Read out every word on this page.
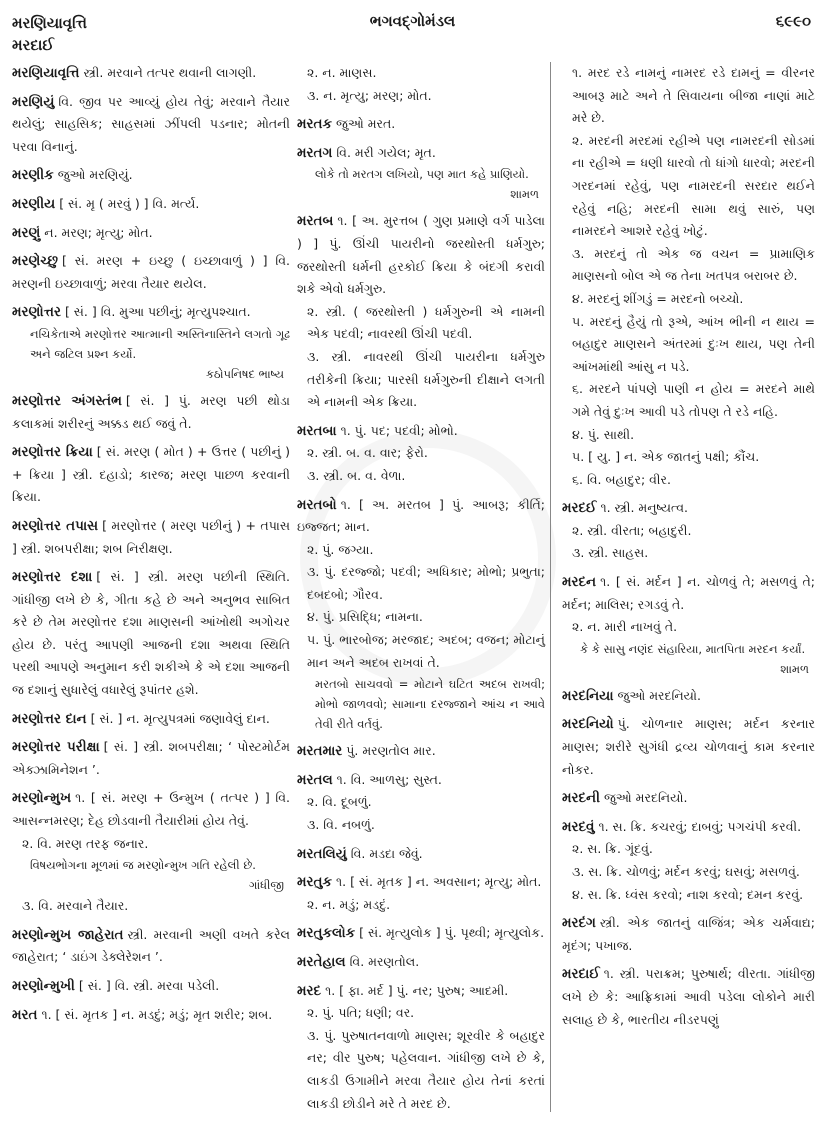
મરણિયાવૃત્તિ
મરદાઈ
ભગવદ્ગોમંડલ	૬૯૯૦
મરણિયાવૃત્તિ સ્ત્રી. મરવાને તત્પર થવાની લાગણી.
મરણિયું વિ. જીવ પર આવ્યું હોય તેવું; મરવાને તૈયાર થયેલું; સાહસિક; સાહસમાં ઝીંપલી પડનાર; મોતની પરવા વિનાનું.
મરણીક જુઓ મરણિયું.
મરણીય [ સં. મૃ ( મરવું ) ] વિ. મર્ત્ય.
મરણું ન. મરણ; મૃત્યુ; મોત.
મરણેચ્છુ [ સં. મરણ + ઇચ્છુ ( ઇચ્છાવાળું ) ] વિ. મરણની ઇચ્છાવાળું; મરવા તૈયાર થયેલ.
મરણોત્તર [ સં. ] વિ. મુઆ પછીનું; મૃત્યુપશ્ચાત.
નચિકેતાએ મરણોત્તર આત્માની અસ્તિનાસ્તિને લગતો ગૂઢ અને જટિલ પ્રશ્ન કર્યો.
કઠોપનિષદ ભાષ્ય
મરણોત્તર અંગસ્તંભ [ સં. ] પું. મરણ પછી થોડા કલાકમાં શરીરનું અક્કડ થઈ જવું તે.
મરણોત્તર ક્રિયા [ સં. મરણ ( મોત ) + ઉત્તર ( પછીનું ) + ક્રિયા ] સ્ત્રી. દહાડો; કારજ; મરણ પાછળ કરવાની ક્રિયા.
મરણોત્તર તપાસ [ મરણોત્તર ( મરણ પછીનું ) + તપાસ ] સ્ત્રી. શબપરીક્ષા; શબ નિરીક્ષણ.
મરણોત્તર દશા [ સં. ] સ્ત્રી. મરણ પછીની સ્થિતિ. ગાંધીજી લખે છે કે, ગીતા કહે છે અને અનુભવ સાબિત કરે છે તેમ મરણોત્તર દશા માણસની આંખોથી અગોચર હોય છે. પરંતુ આપણી આજની દશા અથવા સ્થિતિ પરથી આપણે અનુમાન કરી શકીએ કે એ દશા આજની જ દશાનું સુધારેલું વધારેલું રૂપાંતર હશે.
મરણોત્તર દાન [ સં. ] ન. મૃત્યુપત્રમાં જણાવેલું દાન.
મરણોત્તર પરીક્ષા [ સં. ] સ્ત્રી. શબપરીક્ષા; ‘ પોસ્ટમોર્ટમ એક્ઝામિનેશન ’.
મરણોન્મુખ ૧. [ સં. મરણ + ઉન્મુખ ( તત્પર ) ] વિ. આસન્નમરણ; દેહ છોડવાની તૈયારીમાં હોય તેવું.
૨. વિ. મરણ તરફ જનાર.
વિષયભોગના મૂળમાં જ મરણોન્મુખ ગતિ રહેલી છે.
ગાંધીજી
૩. વિ. મરવાને તૈયાર.
મરણોન્મુખ જાહેરાત સ્ત્રી. મરવાની અણી વખતે કરેલ જાહેરાત; ‘ ડાઇંગ ડેક્લેરેશન ’.
મરણોન્મુખી [ સં. ] વિ. સ્ત્રી. મરવા પડેલી.
મરત ૧. [ સં. મૃતક ] ન. મડદું; મડું; મૃત શરીર; શબ.
૨. ન. માણસ.
૩. ન. મૃત્યુ; મરણ; મોત.
મરતક જુઓ મરત.
મરતગ વિ. મરી ગયેલ; મૃત.
લોકે તો મરતગ લખિયો, પણ માત કહે પ્રાણિયો.
શામળ
મરતબ ૧. [ અ. મુરત્તબ ( ગુણ પ્રમાણે વર્ગ પાડેલા ) ] પું. ઊંચી પાયરીનો જરથોસ્તી ધર્મગુરુ; જરથોસ્તી ધર્મની હરકોઈ ક્રિયા કે બંદગી કરાવી શકે એવો ધર્મગુરુ.
૨. સ્ત્રી. ( જરથોસ્તી ) ધર્મગુરુની એ નામની એક પદવી; નાવરથી ઊંચી પદવી.
૩. સ્ત્રી. નાવરથી ઊંચી પાયરીના ધર્મગુરુ તરીકેની ક્રિયા; પારસી ધર્મગુરુની દીક્ષાને લગતી એ નામની એક ક્રિયા.
મરતબા ૧. પું. પદ; પદવી; મોભો.
૨. સ્ત્રી. બ. વ. વાર; ફેરો.
૩. સ્ત્રી. બ. વ. વેળા.
મરતબો ૧. [ અ. મરતબ ] પું. આબરૂ; કીર્તિ; ઇજ્જત; માન.
૨. પું. જગ્યા.
૩. પું. દરજ્જો; પદવી; અધિકાર; મોભો; પ્રભુતા; દબદબો; ગૌરવ.
૪. પું. પ્રસિદ્ધિ; નામના.
૫. પું. ભારબોજ; મરજાદ; અદબ; વજન; મોટાનું માન અને અદબ રાખવાં તે.
મરતબો સાચવવો = મોટાને ઘટિત અદબ રાખવી; મોભો જાળવવો; સામાના દરજ્જાને આંચ ન આવે તેવી રીતે વર્તવું.
મરતમાર પું. મરણતોલ માર.
મરતલ ૧. વિ. આળસુ; સુસ્ત.
૨. વિ. દૂબળું.
૩. વિ. નબળું.
મરતલિયું વિ. મડદા જેવું.
મરતુક ૧. [ સં. મૃતક ] ન. અવસાન; મૃત્યુ; મોત.
૨. ન. મડું; મડદું.
મરતુકલોક [ સં. મૃત્યુલોક ] પું. પૃથ્વી; મૃત્યુલોક.
મરતેહાલ વિ. મરણતોલ.
મરદ ૧. [ ફા. મર્દ ] પું. નર; પુરુષ; આદમી.
૨. પું. પતિ; ધણી; વર.
૩. પું. પુરુષાતનવાળો માણસ; શૂરવીર કે બહાદુર નર; વીર પુરુષ; પહેલવાન. ગાંધીજી લખે છે કે, લાકડી ઉગામીને મરવા તૈયાર હોય તેનાં કરતાં લાકડી છોડીને મરે તે મરદ છે.
૧. મરદ રડે નામનું નામરદ રડે દામનું = વીરનર આબરૂ માટે અને તે સિવાયના બીજા નાણાં માટે મરે છે.
૨. મરદની મરદમાં રહીએ પણ નામરદની સોડમાં ના રહીએ = ધણી ધારવો તો ધાંગો ધારવો; મરદની ગરદનમાં રહેવું, પણ નામરદની સરદાર થઈને રહેવું નહિ; મરદની સામા થવું સારું, પણ નામરદને આશરે રહેવું ખોટું.
૩. મરદનું તો એક જ વચન = પ્રામાણિક માણસનો બોલ એ જ તેના ખતપત્ર બરાબર છે.
૪. મરદનું શીંગડું = મરદનો બચ્ચો.
૫. મરદનું હૈયું તો રૂએ, આંખ ભીની ન થાય = બહાદુર માણસને અંતરમાં દુઃખ થાય, પણ તેની આંખમાંથી આંસુ ન પડે.
૬. મરદને પાંપણે પાણી ન હોય = મરદને માથે ગમે તેવું દુઃખ આવી પડે તોપણ તે રડે નહિ.
૪. પું. સાથી.
૫. [ યુ. ] ન. એક જાતનું પક્ષી; કૌંચ.
૬. વિ. બહાદુર; વીર.
મરદઈ ૧. સ્ત્રી. મનુષ્યત્વ.
૨. સ્ત્રી. વીરતા; બહાદુરી.
૩. સ્ત્રી. સાહસ.
મરદન ૧. [ સં. મર્દન ] ન. ચોળવું તે; મસળવું તે; મર્દન; માલિસ; રગડવું તે.
૨. ન. મારી નાખવું તે.
કે કે સાસુ નણંદ સંહારિયા, માતપિતા મરદન કર્યાં.
શામળ
મરદનિયા જુઓ મરદનિયો.
મરદનિયો પું. ચોળનાર માણસ; મર્દન કરનાર માણસ; શરીરે સુગંધી દ્રવ્ય ચોળવાનું કામ કરનાર નોકર.
મરદની જુઓ મરદનિયો.
મરદવું ૧. સ. ક્રિ. કચરવું; દાબવું; પગચંપી કરવી.
૨. સ. ક્રિ. ગૂંદવું.
૩. સ. ક્રિ. ચોળવું; મર્દન કરવું; ઘસવું; મસળવું.
૪. સ. ક્રિ. ધ્વંસ કરવો; નાશ કરવો; દમન કરવું.
મરદંગ સ્ત્રી. એક જાતનું વાજિંત્ર; એક ચર્મવાદ્ય; મૃદંગ; પખાજ.
મરદાઈ ૧. સ્ત્રી. પરાક્રમ; પુરુષાર્થ; વીરતા. ગાંધીજી લખે છે કે: આફ્રિકામાં આવી પડેલા લોકોને મારી સલાહ છે કે, ભારતીય નીડરપણું
